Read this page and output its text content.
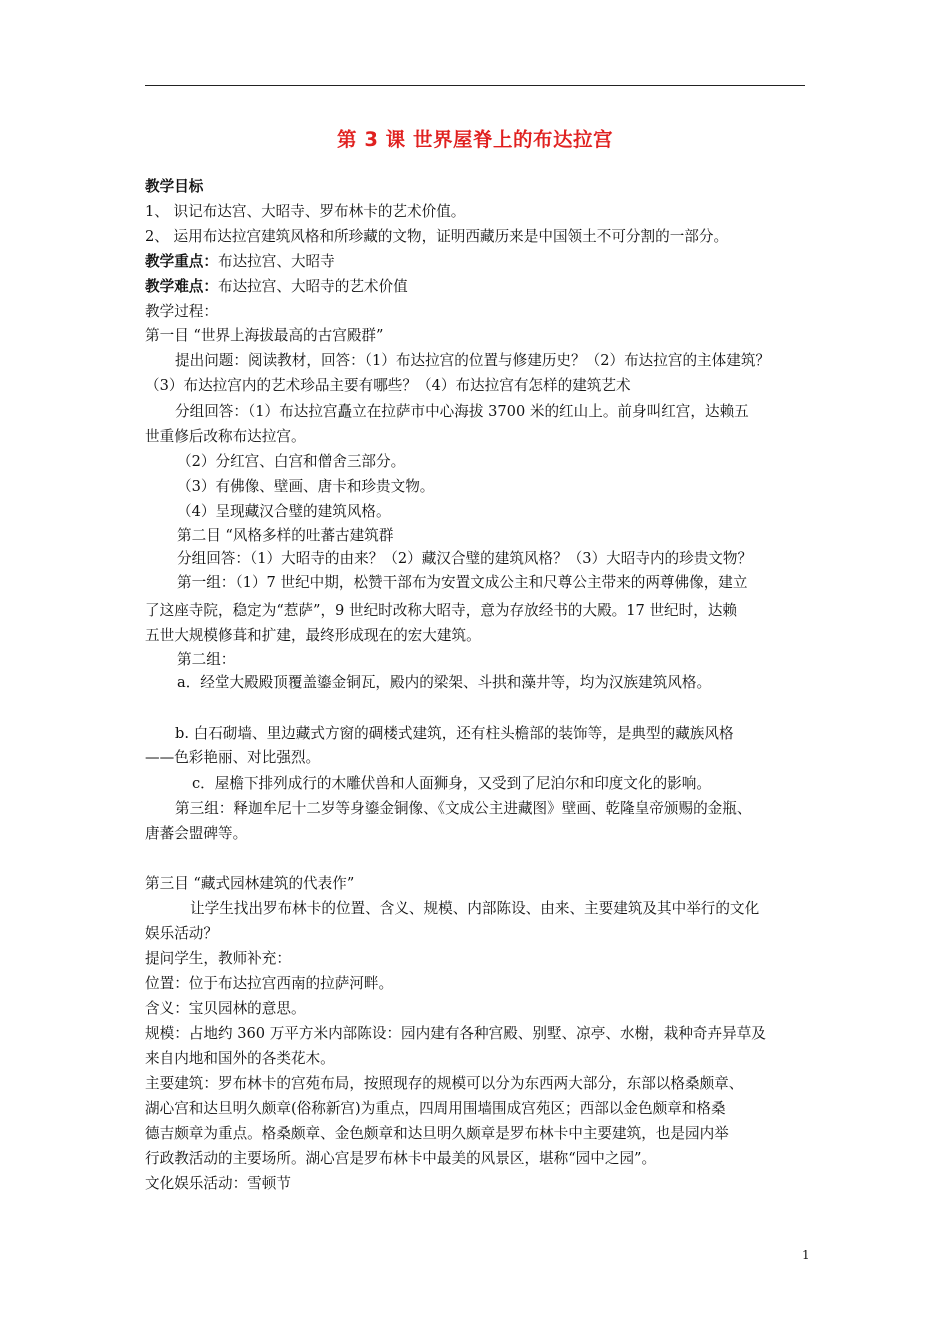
第 3 课 世界屋脊上的布达拉宫
教学目标
1、 识记布达宫、大昭寺、罗布林卡的艺术价值。
2、 运用布达拉宫建筑风格和所珍藏的文物，证明西藏历来是中国领土不可分割的一部分。
教学重点：布达拉宫、大昭寺
教学难点：布达拉宫、大昭寺的艺术价值
教学过程：
第一目 “世界上海拔最高的古宫殿群”
提出问题：阅读教材，回答：（1）布达拉宫的位置与修建历史？（2）布达拉宫的主体建筑？
（3）布达拉宫内的艺术珍品主要有哪些？（4）布达拉宫有怎样的建筑艺术
分组回答：（1）布达拉宫矗立在拉萨市中心海拔 3700 米的红山上。前身叫红宫，达赖五
世重修后改称布达拉宫。
（2）分红宫、白宫和僧舍三部分。
（3）有佛像、壁画、唐卡和珍贵文物。
（4）呈现藏汉合璧的建筑风格。
第二目 “风格多样的吐蕃古建筑群
分组回答：（1）大昭寺的由来？（2）藏汉合璧的建筑风格？（3）大昭寺内的珍贵文物？
第一组：（1）7 世纪中期，松赞干部布为安置文成公主和尺尊公主带来的两尊佛像，建立
了这座寺院，稳定为“惹萨”，9 世纪时改称大昭寺，意为存放经书的大殿。17 世纪时，达赖
五世大规模修葺和扩建，最终形成现在的宏大建筑。
第二组：
a．经堂大殿殿顶覆盖鎏金铜瓦，殿内的梁架、斗拱和藻井等，均为汉族建筑风格。
b. 白石砌墙、里边藏式方窗的碉楼式建筑，还有柱头檐部的装饰等，是典型的藏族风格
——色彩艳丽、对比强烈。
c．屋檐下排列成行的木雕伏兽和人面狮身，又受到了尼泊尔和印度文化的影响。
第三组：释迦牟尼十二岁等身鎏金铜像、《文成公主进藏图》壁画、乾隆皇帝颁赐的金瓶、
唐蕃会盟碑等。
第三目 “藏式园林建筑的代表作”
让学生找出罗布林卡的位置、含义、规模、内部陈设、由来、主要建筑及其中举行的文化
娱乐活动？
提问学生，教师补充：
位置：位于布达拉宫西南的拉萨河畔。
含义：宝贝园林的意思。
规模：占地约 360 万平方米内部陈设：园内建有各种宫殿、别墅、凉亭、水榭，栽种奇卉异草及
来自内地和国外的各类花木。
主要建筑：罗布林卡的宫苑布局，按照现存的规模可以分为东西两大部分，东部以格桑颇章、
湖心宫和达旦明久颇章(俗称新宫)为重点，四周用围墙围成宫苑区；西部以金色颇章和格桑
德吉颇章为重点。格桑颇章、金色颇章和达旦明久颇章是罗布林卡中主要建筑，也是园内举
行政教活动的主要场所。湖心宫是罗布林卡中最美的风景区，堪称“园中之园”。
文化娱乐活动：雪顿节
1
